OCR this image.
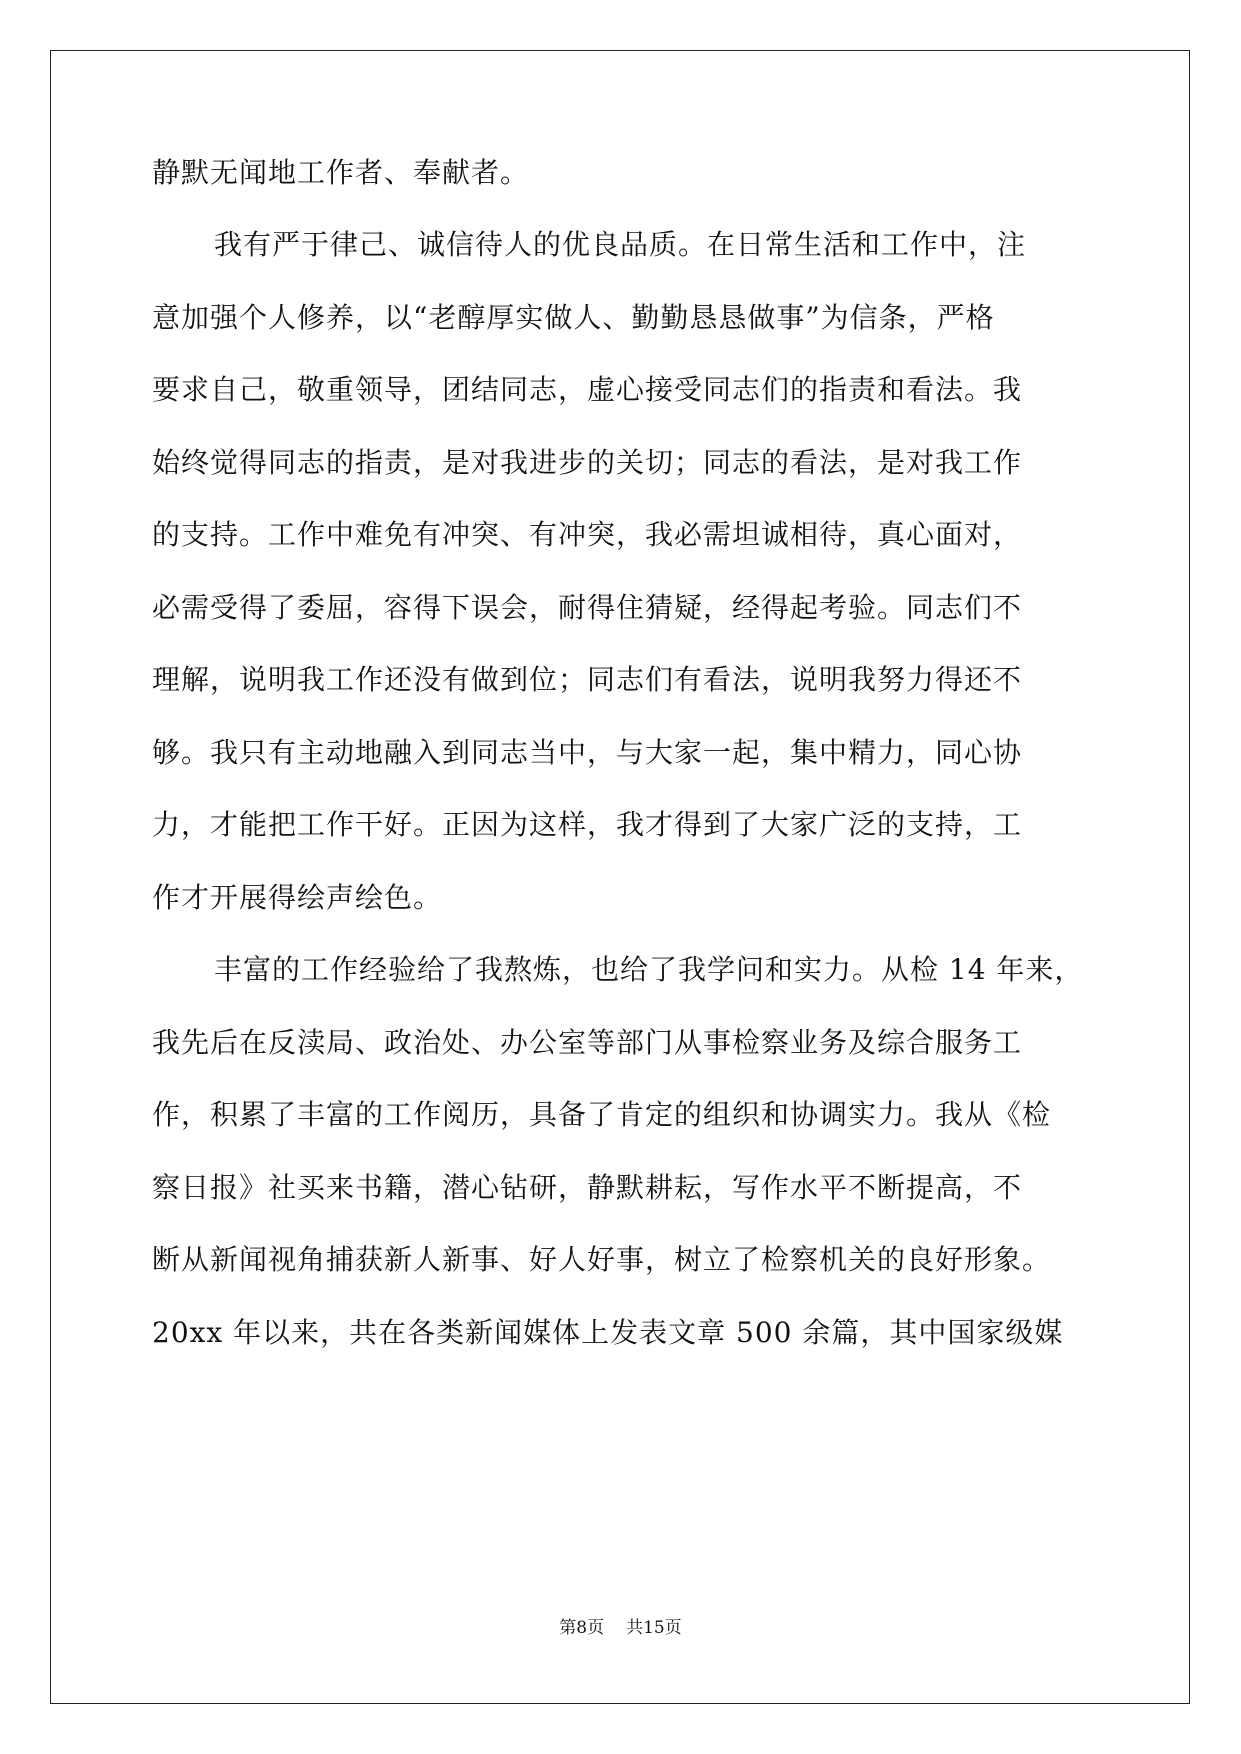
静默无闻地工作者、奉献者。
我有严于律己、诚信待人的优良品质。在日常生活和工作中，注
意加强个人修养，以“老醇厚实做人、勤勤恳恳做事”为信条，严格
要求自己，敬重领导，团结同志，虚心接受同志们的指责和看法。我
始终觉得同志的指责，是对我进步的关切；同志的看法，是对我工作
的支持。工作中难免有冲突、有冲突，我必需坦诚相待，真心面对，
必需受得了委屈，容得下误会，耐得住猜疑，经得起考验。同志们不
理解，说明我工作还没有做到位；同志们有看法，说明我努力得还不
够。我只有主动地融入到同志当中，与大家一起，集中精力，同心协
力，才能把工作干好。正因为这样，我才得到了大家广泛的支持，工
作才开展得绘声绘色。
丰富的工作经验给了我熬炼，也给了我学问和实力。从检 14 年来，
我先后在反渎局、政治处、办公室等部门从事检察业务及综合服务工
作，积累了丰富的工作阅历，具备了肯定的组织和协调实力。我从《检
察日报》社买来书籍，潜心钻研，静默耕耘，写作水平不断提高，不
断从新闻视角捕获新人新事、好人好事，树立了检察机关的良好形象。
20xx 年以来，共在各类新闻媒体上发表文章 500 余篇，其中国家级媒
第8页 共15页
